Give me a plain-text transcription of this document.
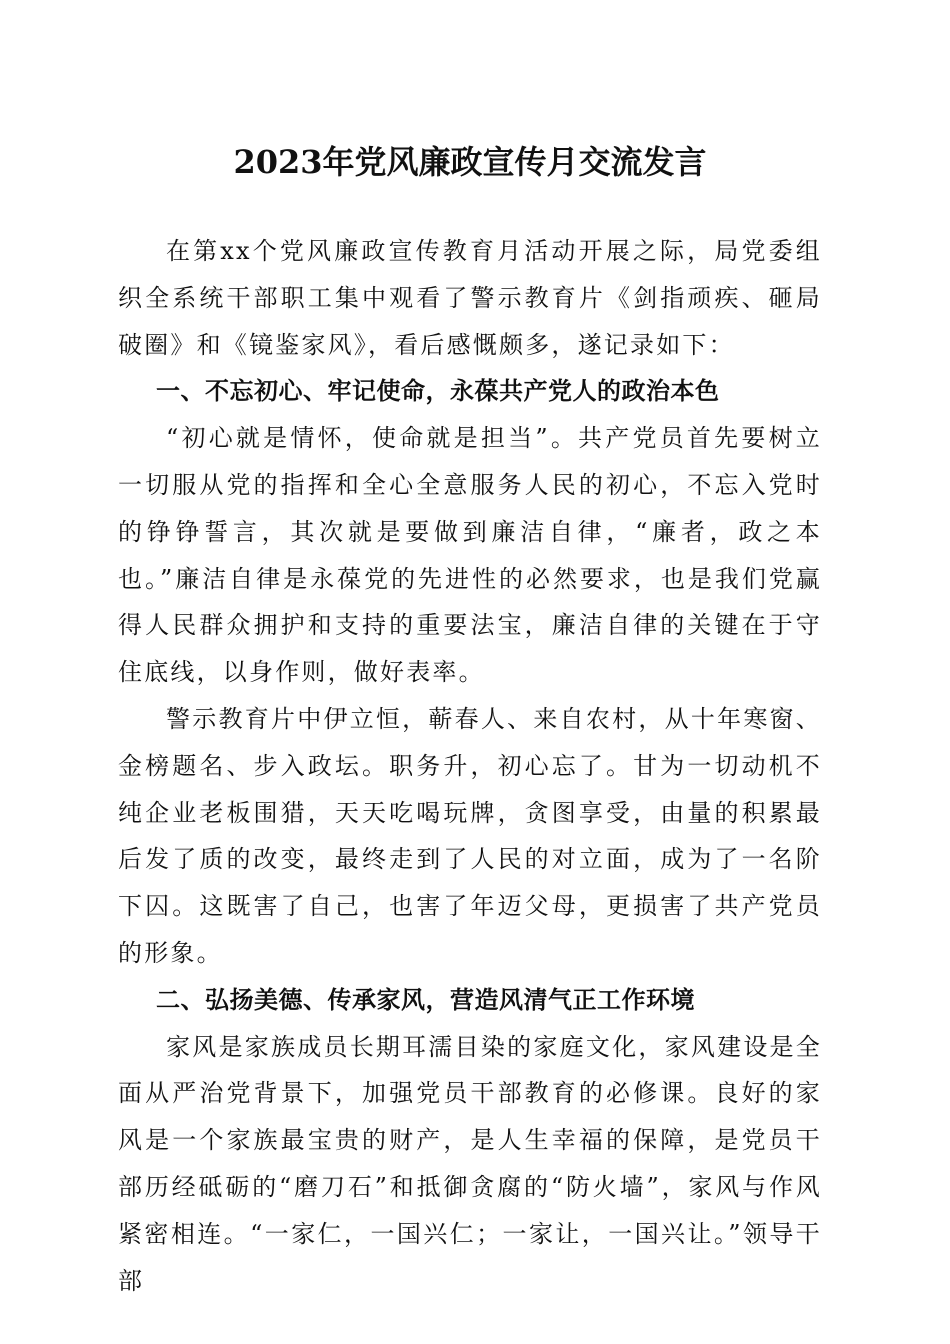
2023年党风廉政宣传月交流发言

在第xx个党风廉政宣传教育月活动开展之际，局党委组织全系统干部职工集中观看了警示教育片《剑指顽疾、砸局破圈》和《镜鉴家风》，看后感慨颇多，遂记录如下：

一、不忘初心、牢记使命，永葆共产党人的政治本色

“初心就是情怀，使命就是担当”。共产党员首先要树立一切服从党的指挥和全心全意服务人民的初心，不忘入党时的铮铮誓言，其次就是要做到廉洁自律，“廉者，政之本也。”廉洁自律是永葆党的先进性的必然要求，也是我们党赢得人民群众拥护和支持的重要法宝，廉洁自律的关键在于守住底线，以身作则，做好表率。

警示教育片中伊立恒，蕲春人、来自农村，从十年寒窗、金榜题名、步入政坛。职务升，初心忘了。甘为一切动机不纯企业老板围猎，天天吃喝玩牌，贪图享受，由量的积累最后发了质的改变，最终走到了人民的对立面，成为了一名阶下囚。这既害了自己，也害了年迈父母，更损害了共产党员的形象。

二、弘扬美德、传承家风，营造风清气正工作环境

家风是家族成员长期耳濡目染的家庭文化，家风建设是全面从严治党背景下，加强党员干部教育的必修课。良好的家风是一个家族最宝贵的财产，是人生幸福的保障，是党员干部历经砥砺的“磨刀石”和抵御贪腐的“防火墙”，家风与作风紧密相连。“一家仁，一国兴仁；一家让，一国兴让。”领导干部
